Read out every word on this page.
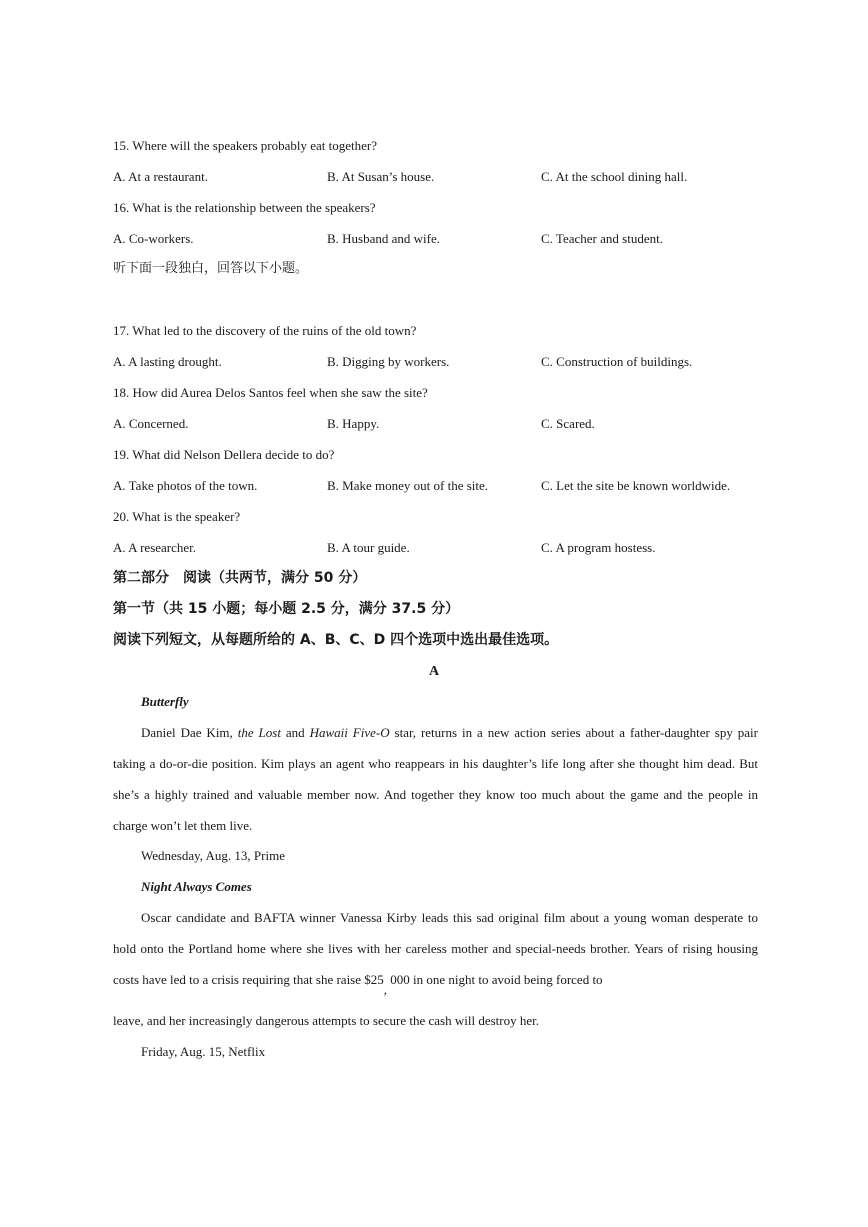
15. Where will the speakers probably eat together?
A. At a restaurant.	B. At Susan’s house.	C. At the school dining hall.
16. What is the relationship between the speakers?
A. Co-workers.	B. Husband and wife.	C. Teacher and student.
听下面一段独白，回答以下小题。
17. What led to the discovery of the ruins of the old town?
A. A lasting drought.	B. Digging by workers.	C. Construction of buildings.
18. How did Aurea Delos Santos feel when she saw the site?
A. Concerned.	B. Happy.	C. Scared.
19. What did Nelson Dellera decide to do?
A. Take photos of the town.	B. Make money out of the site.	C. Let the site be known worldwide.
20. What is the speaker?
A. A researcher.	B. A tour guide.	C. A program hostess.
第二部分　阅读（共两节，满分 50 分）
第一节（共 15 小题；每小题 2.5 分，满分 37.5 分）
阅读下列短文，从每题所给的 A、B、C、D 四个选项中选出最佳选项。
A
Butterfly
Daniel Dae Kim, the Lost and Hawaii Five-O star, returns in a new action series about a father-daughter spy pair taking a do-or-die position. Kim plays an agent who reappears in his daughter’s life long after she thought him dead. But she’s a highly trained and valuable member now. And together they know too much about the game and the people in charge won’t let them live.
Wednesday, Aug. 13, Prime
Night Always Comes
Oscar candidate and BAFTA winner Vanessa Kirby leads this sad original film about a young woman desperate to hold onto the Portland home where she lives with her careless mother and special-needs brother. Years of rising housing costs have led to a crisis requiring that she raise $25, 000 in one night to avoid being forced to
leave, and her increasingly dangerous attempts to secure the cash will destroy her.
Friday, Aug. 15, Netflix
